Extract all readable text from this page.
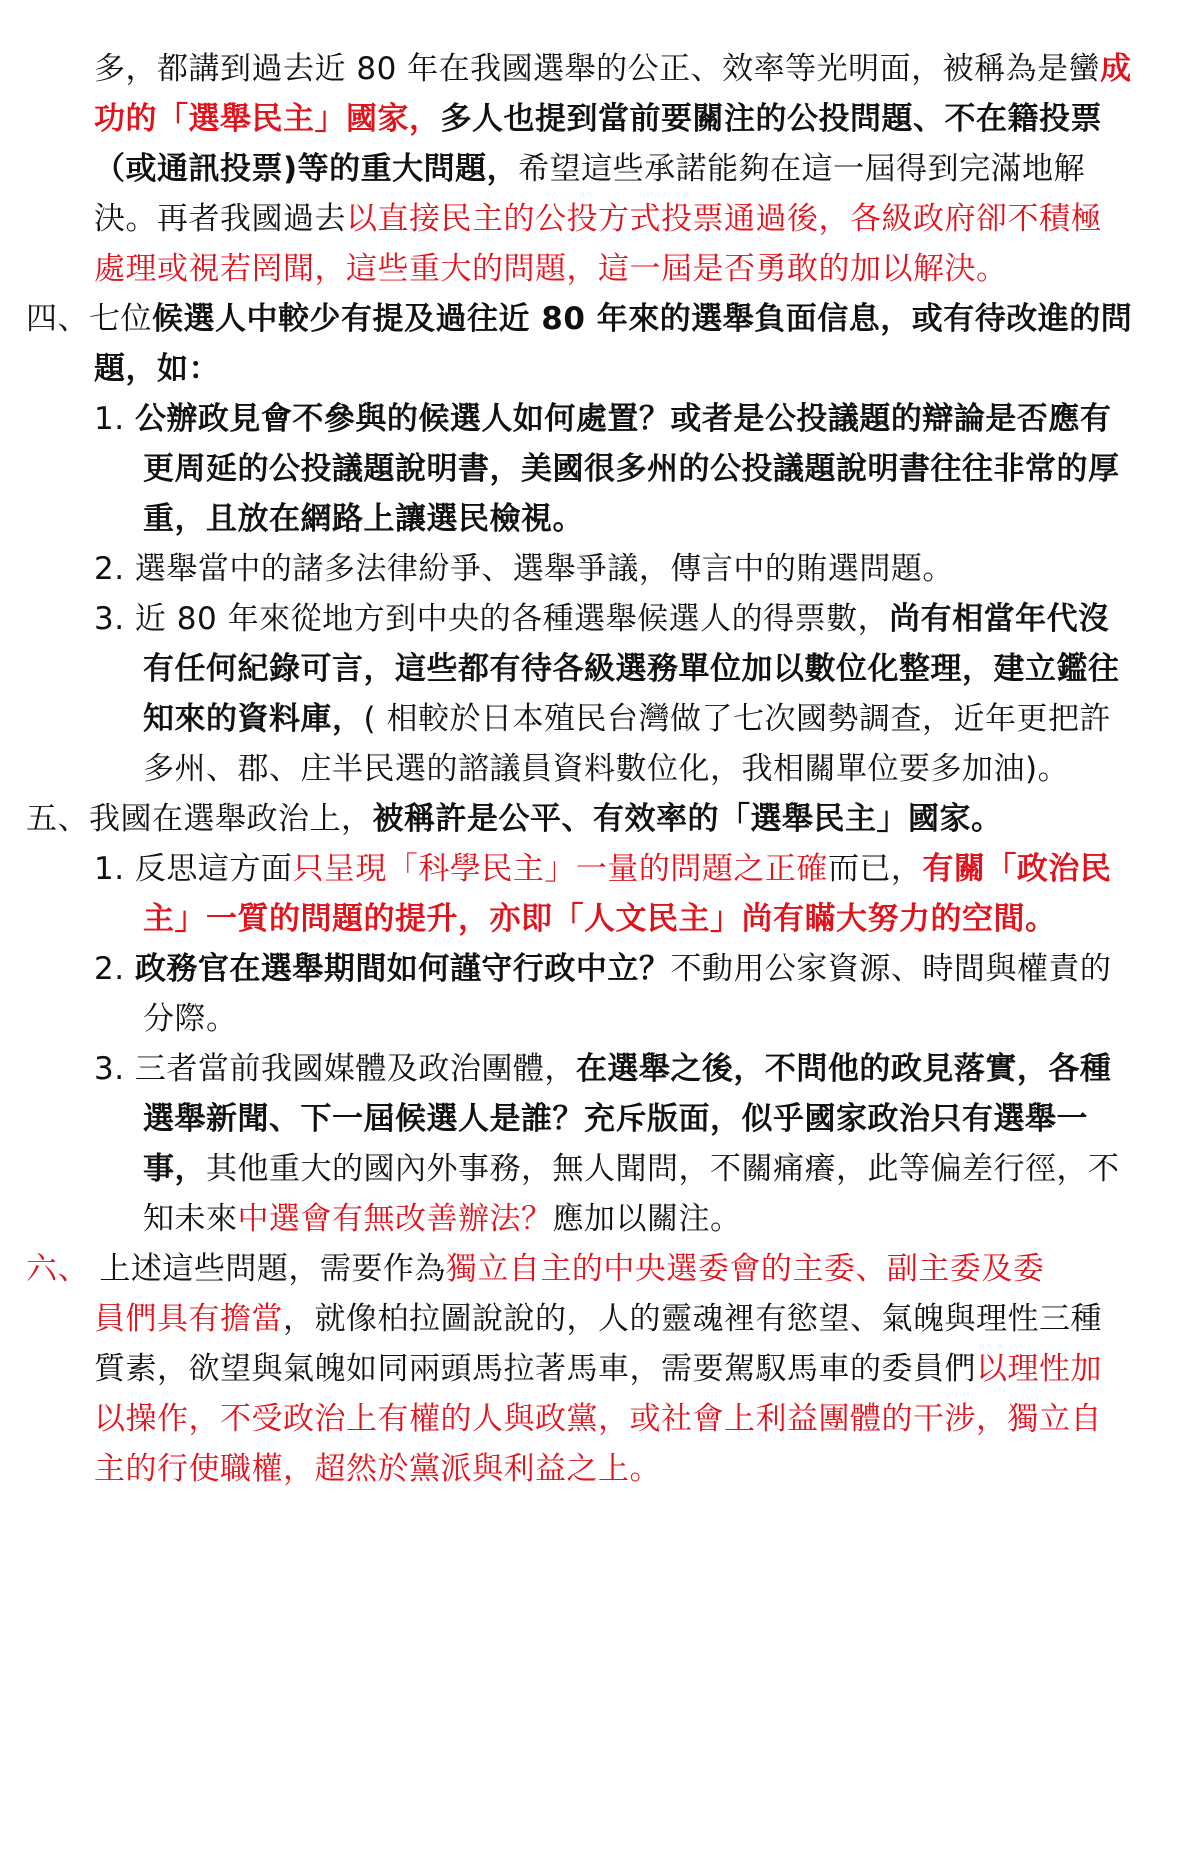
多，都講到過去近 80 年在我國選舉的公正、效率等光明面，被稱為是蠻成
功的「選舉民主」國家，多人也提到當前要關注的公投問題、不在籍投票
（或通訊投票)等的重大問題，希望這些承諾能夠在這一屆得到完滿地解
決。再者我國過去以直接民主的公投方式投票通過後，各級政府卻不積極
處理或視若罔聞，這些重大的問題，這一屆是否勇敢的加以解決。
四、七位候選人中較少有提及過往近 80 年來的選舉負面信息，或有待改進的問
題，如：
1. 公辦政見會不參與的候選人如何處置？或者是公投議題的辯論是否應有
更周延的公投議題說明書，美國很多州的公投議題說明書往往非常的厚
重，且放在網路上讓選民檢視。
2. 選舉當中的諸多法律紛爭、選舉爭議，傳言中的賄選問題。
3. 近 80 年來從地方到中央的各種選舉候選人的得票數，尚有相當年代沒
有任何紀錄可言，這些都有待各級選務單位加以數位化整理，建立鑑往
知來的資料庫，( 相較於日本殖民台灣做了七次國勢調查，近年更把許
多州、郡、庄半民選的諮議員資料數位化，我相關單位要多加油)。
五、我國在選舉政治上，被稱許是公平、有效率的「選舉民主」國家。
1. 反思這方面只呈現「科學民主」一量的問題之正確而已，有關「政治民
主」一質的問題的提升，亦即「人文民主」尚有瞞大努力的空間。
2. 政務官在選舉期間如何謹守行政中立？不動用公家資源、時間與權責的
分際。
3. 三者當前我國媒體及政治團體，在選舉之後，不問他的政見落實，各種
選舉新聞、下一屆候選人是誰？充斥版面，似乎國家政治只有選舉一
事，其他重大的國內外事務，無人聞問，不關痛癢，此等偏差行徑，不
知未來中選會有無改善辦法？應加以關注。
六、 上述這些問題，需要作為獨立自主的中央選委會的主委、副主委及委
員們具有擔當，就像柏拉圖說說的，人的靈魂裡有慾望、氣魄與理性三種
質素，欲望與氣魄如同兩頭馬拉著馬車，需要駕馭馬車的委員們以理性加
以操作，不受政治上有權的人與政黨，或社會上利益團體的干涉，獨立自
主的行使職權，超然於黨派與利益之上。
